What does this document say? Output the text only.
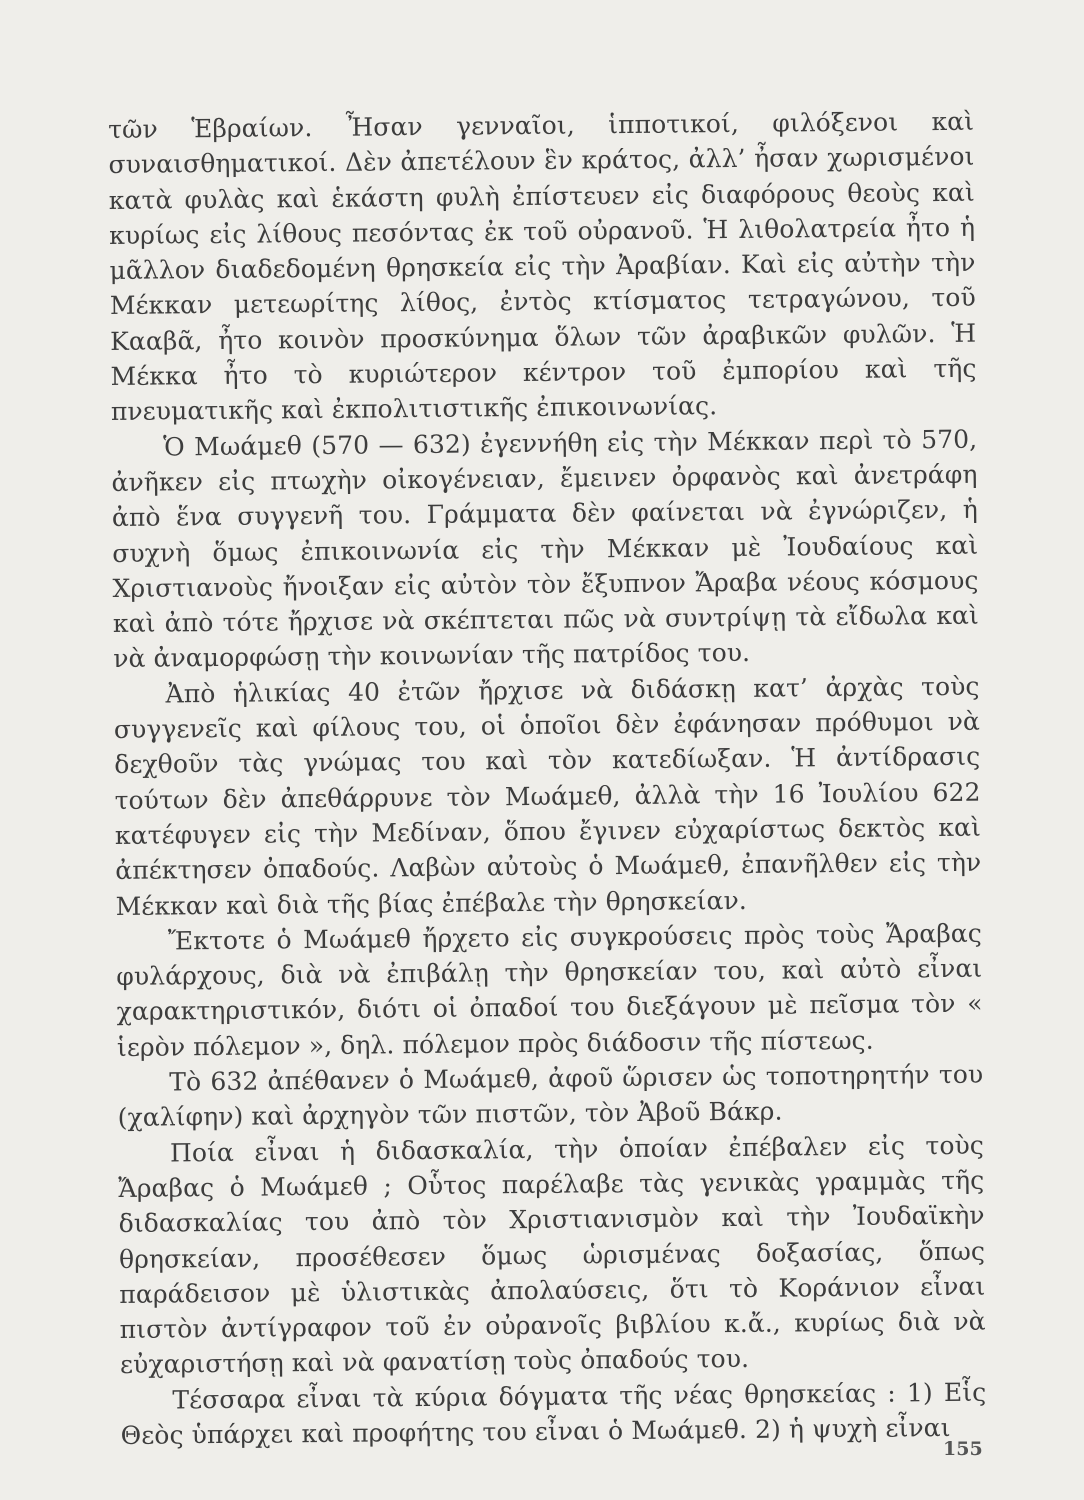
τῶν Ἑβραίων. Ἦσαν γενναῖοι, ἱπποτικοί, φιλόξενοι καὶ συναισθηματικοί. Δὲν ἀπετέλουν ἓν κράτος, ἀλλ’ ἦσαν χωρισμένοι κατὰ φυλὰς καὶ ἑκάστη φυλὴ ἐπίστευεν εἰς διαφόρους θεοὺς καὶ κυρίως εἰς λίθους πεσόντας ἐκ τοῦ οὐρανοῦ. Ἡ λιθολατρεία ἦτο ἡ μᾶλλον διαδεδομένη θρησκεία εἰς τὴν Ἀραβίαν. Καὶ εἰς αὐτὴν τὴν Μέκκαν μετεωρίτης λίθος, ἐντὸς κτίσματος τετραγώνου, τοῦ Κααβᾶ, ἦτο κοινὸν προσκύνημα ὅλων τῶν ἀραβικῶν φυλῶν. Ἡ Μέκκα ἦτο τὸ κυριώτερον κέντρον τοῦ ἐμπορίου καὶ τῆς πνευματικῆς καὶ ἐκπολιτιστικῆς ἐπικοινωνίας.

Ὁ Μωάμεθ (570 — 632) ἐγεννήθη εἰς τὴν Μέκκαν περὶ τὸ 570, ἀνῆκεν εἰς πτωχὴν οἰκογένειαν, ἔμεινεν ὀρφανὸς καὶ ἀνετράφη ἀπὸ ἕνα συγγενῆ του. Γράμματα δὲν φαίνεται νὰ ἐγνώριζεν, ἡ συχνὴ ὅμως ἐπικοινωνία εἰς τὴν Μέκκαν μὲ Ἰουδαίους καὶ Χριστιανοὺς ἤνοιξαν εἰς αὐτὸν τὸν ἔξυπνον Ἄραβα νέους κόσμους καὶ ἀπὸ τότε ἤρχισε νὰ σκέπτεται πῶς νὰ συντρίψῃ τὰ εἴδωλα καὶ νὰ ἀναμορφώσῃ τὴν κοινωνίαν τῆς πατρίδος του.

Ἀπὸ ἡλικίας 40 ἐτῶν ἤρχισε νὰ διδάσκῃ κατ’ ἀρχὰς τοὺς συγγενεῖς καὶ φίλους του, οἱ ὁποῖοι δὲν ἐφάνησαν πρόθυμοι νὰ δεχθοῦν τὰς γνώμας του καὶ τὸν κατεδίωξαν. Ἡ ἀντίδρασις τούτων δὲν ἀπεθάρρυνε τὸν Μωάμεθ, ἀλλὰ τὴν 16 Ἰουλίου 622 κατέφυγεν εἰς τὴν Μεδίναν, ὅπου ἔγινεν εὐχαρίστως δεκτὸς καὶ ἀπέκτησεν ὀπαδούς. Λαβὼν αὐτοὺς ὁ Μωάμεθ, ἐπανῆλθεν εἰς τὴν Μέκκαν καὶ διὰ τῆς βίας ἐπέβαλε τὴν θρησκείαν.

Ἔκτοτε ὁ Μωάμεθ ἤρχετο εἰς συγκρούσεις πρὸς τοὺς Ἄραβας φυλάρχους, διὰ νὰ ἐπιβάλῃ τὴν θρησκείαν του, καὶ αὐτὸ εἶναι χαρακτηριστικόν, διότι οἱ ὀπαδοί του διεξάγουν μὲ πεῖσμα τὸν « ἱερὸν πόλεμον », δηλ. πόλεμον πρὸς διάδοσιν τῆς πίστεως.

Τὸ 632 ἀπέθανεν ὁ Μωάμεθ, ἀφοῦ ὥρισεν ὡς τοποτηρητήν του (χαλίφην) καὶ ἀρχηγὸν τῶν πιστῶν, τὸν Ἀβοῦ Βάκρ.

Ποία εἶναι ἡ διδασκαλία, τὴν ὁποίαν ἐπέβαλεν εἰς τοὺς Ἄραβας ὁ Μωάμεθ ; Οὗτος παρέλαβε τὰς γενικὰς γραμμὰς τῆς διδασκαλίας του ἀπὸ τὸν Χριστιανισμὸν καὶ τὴν Ἰουδαϊκὴν θρησκείαν, προσέθεσεν ὅμως ὡρισμένας δοξασίας, ὅπως παράδεισον μὲ ὑλιστικὰς ἀπολαύσεις, ὅτι τὸ Κοράνιον εἶναι πιστὸν ἀντίγραφον τοῦ ἐν οὐρανοῖς βιβλίου κ.ἄ., κυρίως διὰ νὰ εὐχαριστήσῃ καὶ νὰ φανατίσῃ τοὺς ὀπαδούς του.

Τέσσαρα εἶναι τὰ κύρια δόγματα τῆς νέας θρησκείας : 1) Εἷς Θεὸς ὑπάρχει καὶ προφήτης του εἶναι ὁ Μωάμεθ. 2) ἡ ψυχὴ εἶναι

155
